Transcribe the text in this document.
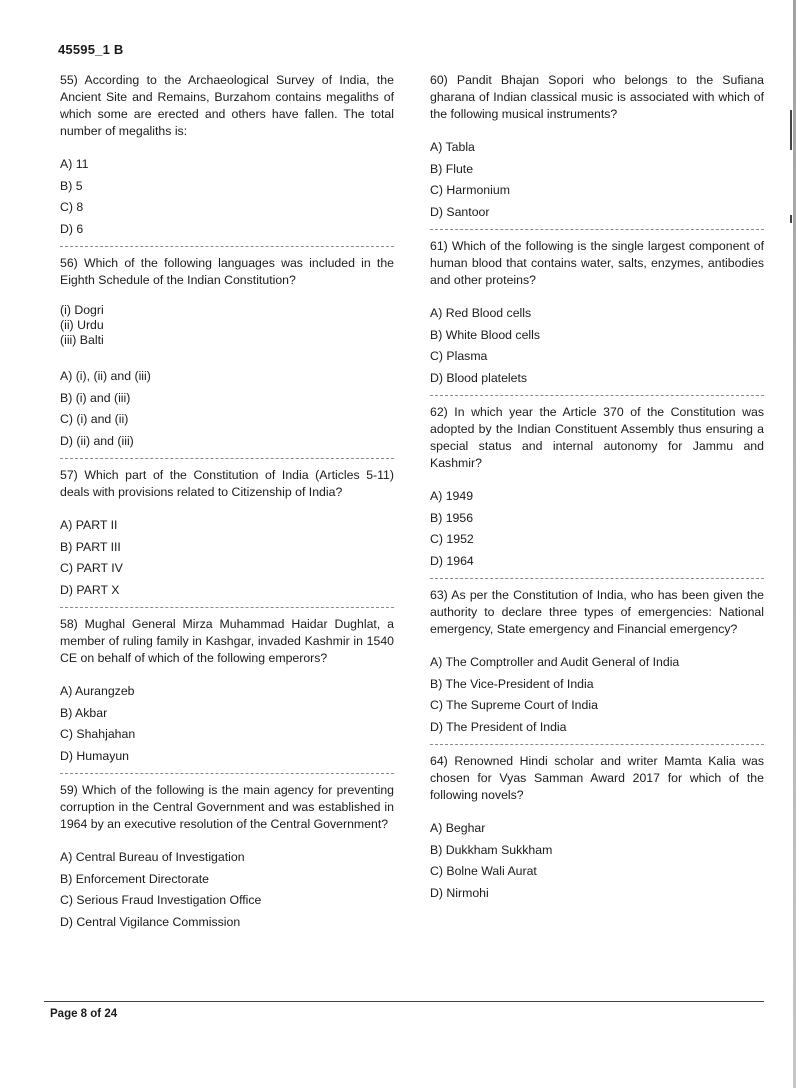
45595_1 B

55) According to the Archaeological Survey of India, the Ancient Site and Remains, Burzahom contains megaliths of which some are erected and others have fallen. The total number of megaliths is:

A) 11
B) 5
C) 8
D) 6

56) Which of the following languages was included in the Eighth Schedule of the Indian Constitution?

(i) Dogri
(ii) Urdu
(iii) Balti
A) (i), (ii) and (iii)
B) (i) and (iii)
C) (i) and (ii)
D) (ii) and (iii)

57) Which part of the Constitution of India (Articles 5-11) deals with provisions related to Citizenship of India?

A) PART II
B) PART III
C) PART IV
D) PART X

58) Mughal General Mirza Muhammad Haidar Dughlat, a member of ruling family in Kashgar, invaded Kashmir in 1540 CE on behalf of which of the following emperors?

A) Aurangzeb
B) Akbar
C) Shahjahan
D) Humayun

59) Which of the following is the main agency for preventing corruption in the Central Government and was established in 1964 by an executive resolution of the Central Government?

A) Central Bureau of Investigation
B) Enforcement Directorate
C) Serious Fraud Investigation Office
D) Central Vigilance Commission

60) Pandit Bhajan Sopori who belongs to the Sufiana gharana of Indian classical music is associated with which of the following musical instruments?

A) Tabla
B) Flute
C) Harmonium
D) Santoor

61) Which of the following is the single largest component of human blood that contains water, salts, enzymes, antibodies and other proteins?

A) Red Blood cells
B) White Blood cells
C) Plasma
D) Blood platelets

62) In which year the Article 370 of the Constitution was adopted by the Indian Constituent Assembly thus ensuring a special status and internal autonomy for Jammu and Kashmir?

A) 1949
B) 1956
C) 1952
D) 1964

63) As per the Constitution of India, who has been given the authority to declare three types of emergencies: National emergency, State emergency and Financial emergency?

A) The Comptroller and Audit General of India
B) The Vice-President of India
C) The Supreme Court of India
D) The President of India

64) Renowned Hindi scholar and writer Mamta Kalia was chosen for Vyas Samman Award 2017 for which of the following novels?

A) Beghar
B) Dukkham Sukkham
C) Bolne Wali Aurat
D) Nirmohi
Page 8 of 24
